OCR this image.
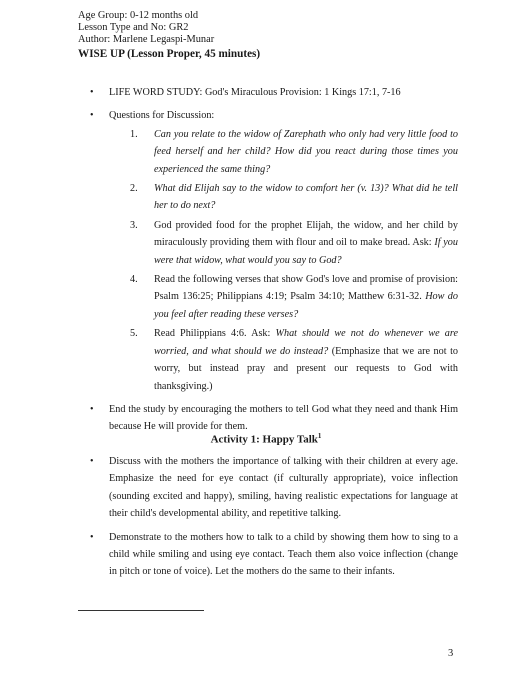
Age Group: 0-12 months old
Lesson Type and No: GR2
Author: Marlene Legaspi-Munar
WISE UP (Lesson Proper, 45 minutes)
• LIFE WORD STUDY: God's Miraculous Provision: 1 Kings 17:1, 7-16
• Questions for Discussion:
1. Can you relate to the widow of Zarephath who only had very little food to feed herself and her child? How did you react during those times you experienced the same thing?
2. What did Elijah say to the widow to comfort her (v. 13)? What did he tell her to do next?
3. God provided food for the prophet Elijah, the widow, and her child by miraculously providing them with flour and oil to make bread. Ask: If you were that widow, what would you say to God?
4. Read the following verses that show God's love and promise of provision: Psalm 136:25; Philippians 4:19; Psalm 34:10; Matthew 6:31-32. How do you feel after reading these verses?
5. Read Philippians 4:6. Ask: What should we not do whenever we are worried, and what should we do instead? (Emphasize that we are not to worry, but instead pray and present our requests to God with thanksgiving.)
• End the study by encouraging the mothers to tell God what they need and thank Him because He will provide for them.
Activity 1: Happy Talk$^1$
• Discuss with the mothers the importance of talking with their children at every age. Emphasize the need for eye contact (if culturally appropriate), voice inflection (sounding excited and happy), smiling, having realistic expectations for language at their child's developmental ability, and repetitive talking.
• Demonstrate to the mothers how to talk to a child by showing them how to sing to a child while smiling and using eye contact. Teach them also voice inflection (change in pitch or tone of voice). Let the mothers do the same to their infants.
3
